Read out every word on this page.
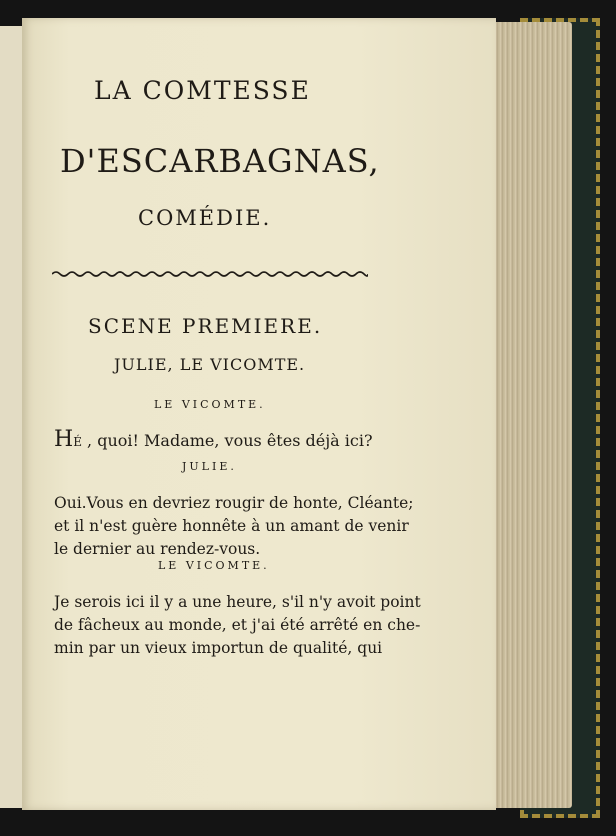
LA COMTESSE
D'ESCARBAGNAS,
COMÉDIE.
SCENE PREMIERE.
JULIE, LE VICOMTE.
LE VICOMTE.
HÉ , quoi! Madame, vous êtes déjà ici?
JULIE.
Oui.Vous en devriez rougir de honte, Cléante;
et il n'est guère honnête à un amant de venir
le dernier au rendez-vous.
LE VICOMTE.
Je serois ici il y a une heure, s'il n'y avoit point
de fâcheux au monde, et j'ai été arrêté en che-
min par un vieux importun de qualité, qui
